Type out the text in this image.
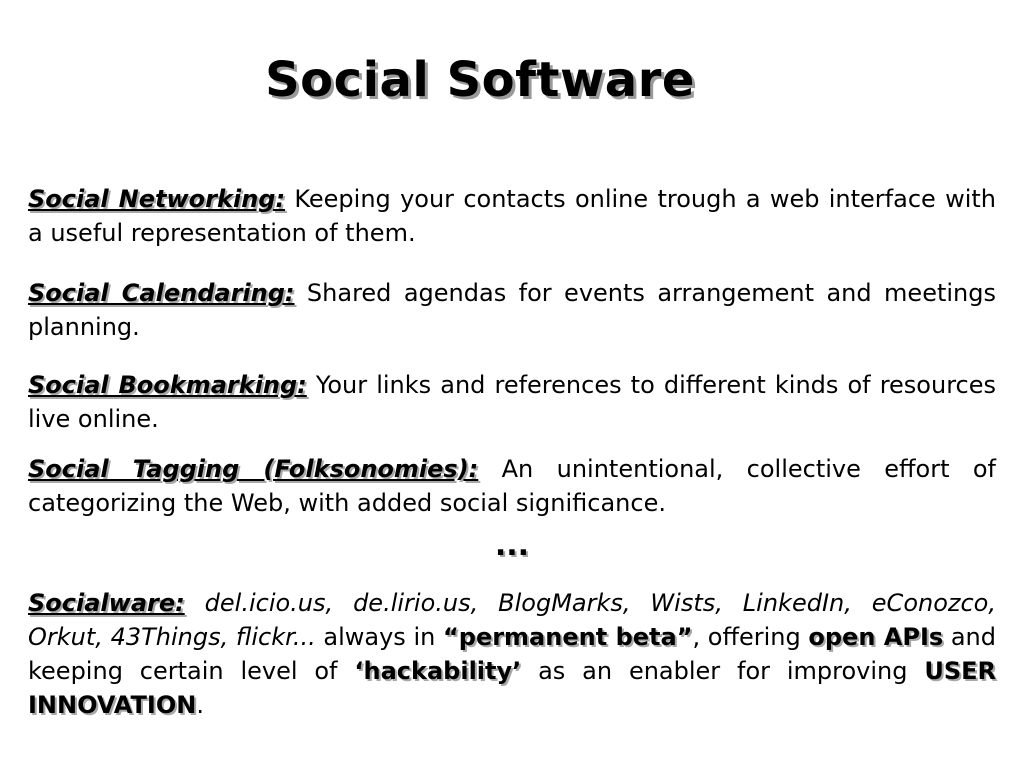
Social Software

Social Networking: Keeping your contacts online trough a web interface with a useful representation of them.

Social Calendaring: Shared agendas for events arrangement and meetings planning.

Social Bookmarking: Your links and references to different kinds of resources live online.

Social Tagging (Folksonomies): An unintentional, collective effort of categorizing the Web, with added social significance.

...

Socialware: del.icio.us, de.lirio.us, BlogMarks, Wists, LinkedIn, eConozco, Orkut, 43Things, flickr... always in “permanent beta”, offering open APIs and keeping certain level of ‘hackability’ as an enabler for improving USER INNOVATION.
